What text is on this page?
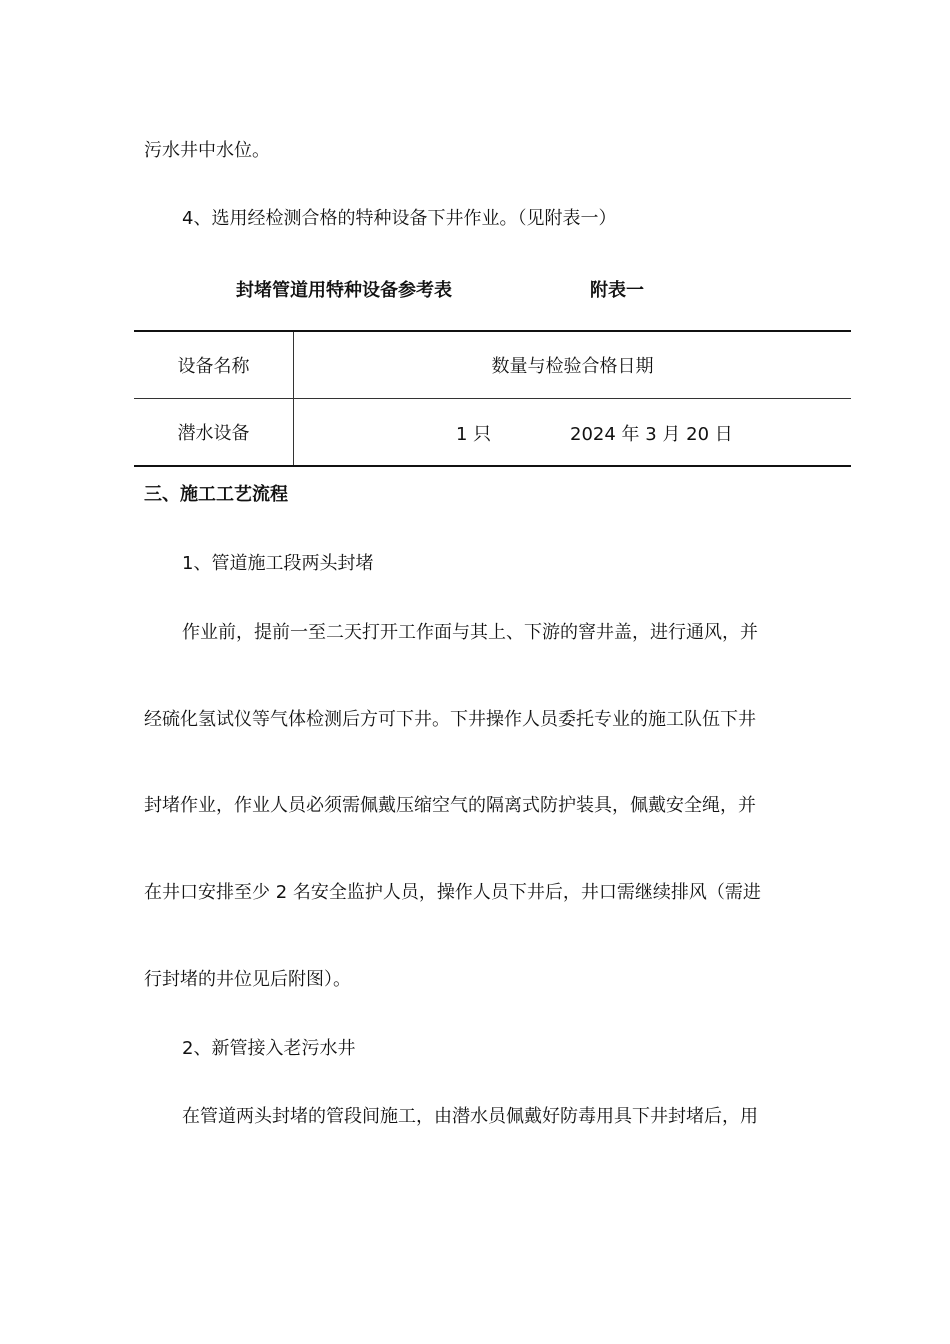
污水井中水位。
4、选用经检测合格的特种设备下井作业。（见附表一）
封堵管道用特种设备参考表	附表一
设备名称	数量与检验合格日期
潜水设备	1 只 2024 年 3 月 20 日
三、施工工艺流程
1、管道施工段两头封堵
作业前，提前一至二天打开工作面与其上、下游的窨井盖，进行通风，并
经硫化氢试仪等气体检测后方可下井。下井操作人员委托专业的施工队伍下井
封堵作业，作业人员必须需佩戴压缩空气的隔离式防护装具，佩戴安全绳，并
在井口安排至少 2 名安全监护人员，操作人员下井后，井口需继续排风（需进
行封堵的井位见后附图）。
2、新管接入老污水井
在管道两头封堵的管段间施工，由潜水员佩戴好防毒用具下井封堵后，用
